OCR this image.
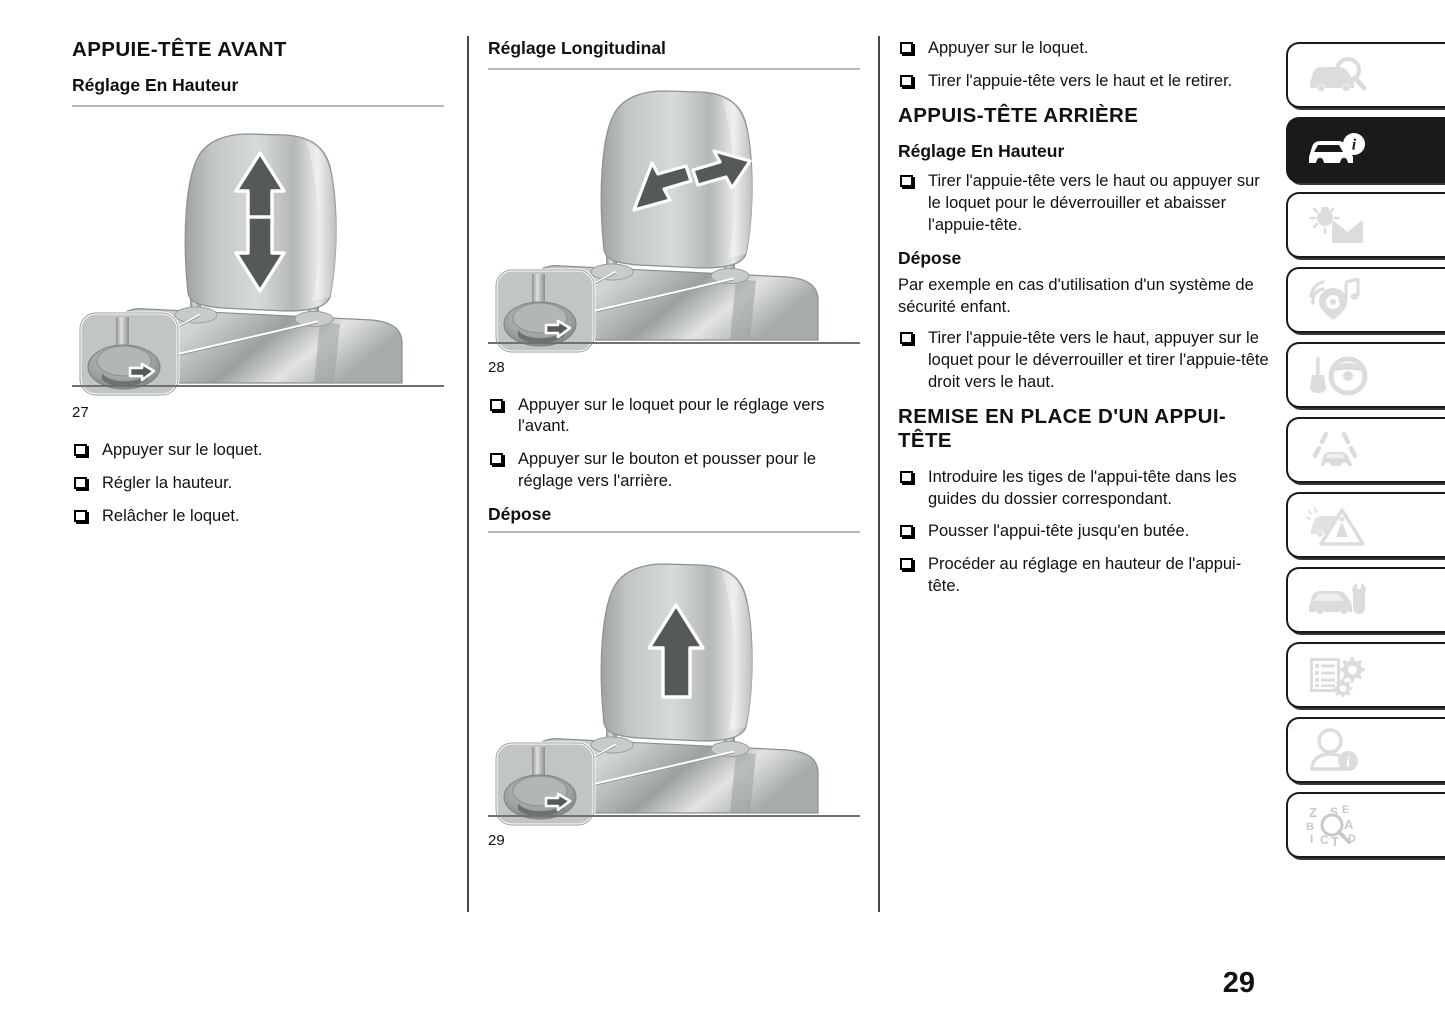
APPUIE-TÊTE AVANT
Réglage En Hauteur
27
Appuyer sur le loquet.
Régler la hauteur.
Relâcher le loquet.
Réglage Longitudinal
28
Appuyer sur le loquet pour le réglage vers l'avant.
Appuyer sur le bouton et pousser pour le réglage vers l'arrière.
Dépose
29
Appuyer sur le loquet.
Tirer l'appuie-tête vers le haut et le retirer.
APPUIS-TÊTE ARRIÈRE
Réglage En Hauteur
Tirer l'appuie-tête vers le haut ou appuyer sur le loquet pour le déverrouiller et abaisser l'appuie-tête.
Dépose

Par exemple en cas d'utilisation d'un système de sécurité enfant.

Tirer l'appuie-tête vers le haut, appuyer sur le loquet pour le déverrouiller et tirer l'appuie-tête droit vers le haut.
REMISE EN PLACE D'UN APPUI-TÊTE
Introduire les tiges de l'appui-tête dans les guides du dossier correspondant.
Pousser l'appui-tête jusqu'en butée.
Procéder au réglage en hauteur de l'appui-tête.
i
i
Z
B
I C T
S E
A
D
29
